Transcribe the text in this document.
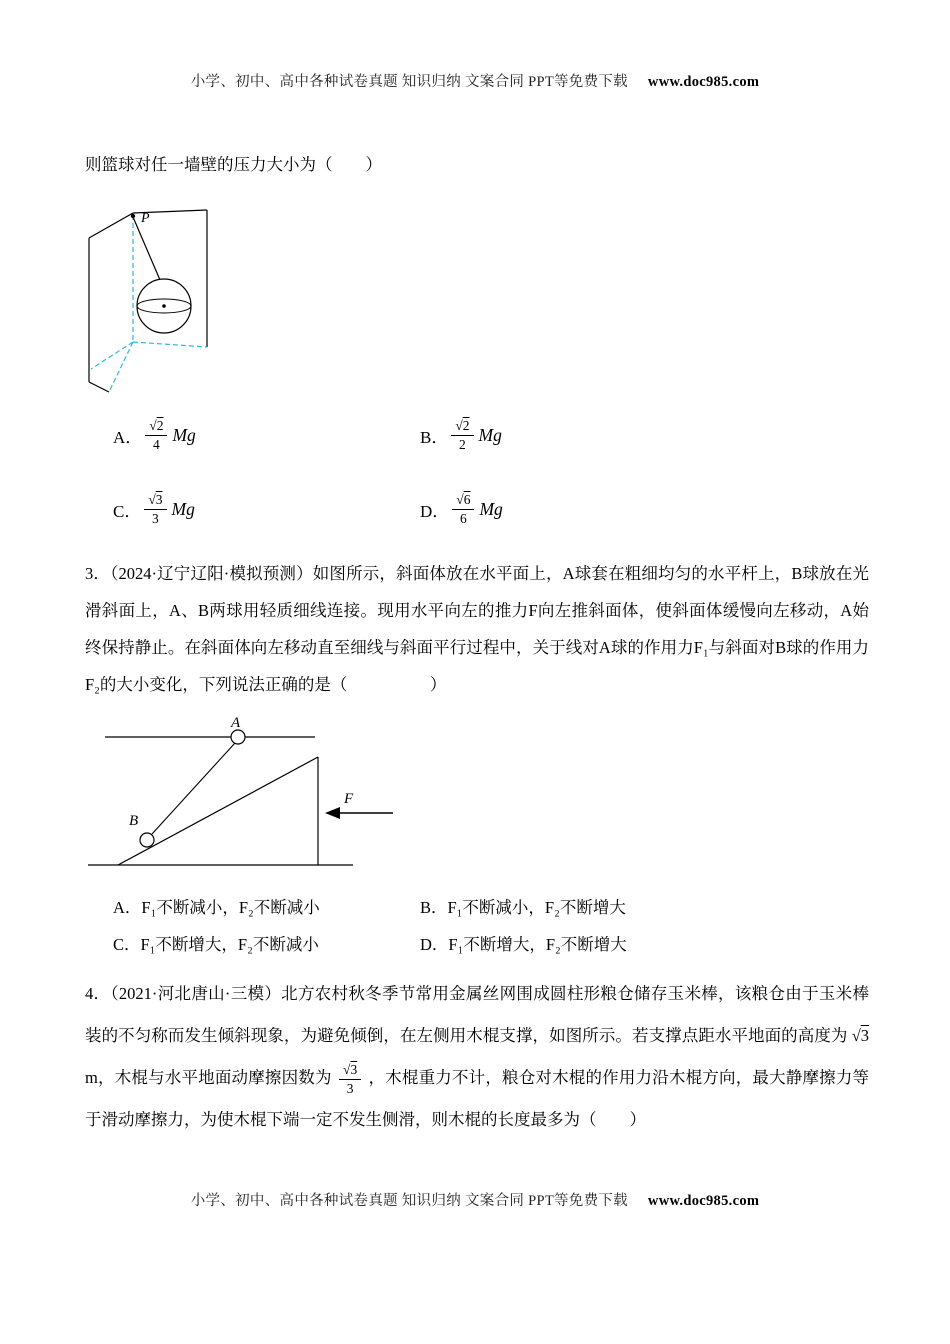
小学、初中、高中各种试卷真题 知识归纳 文案合同 PPT等免费下载 www.doc985.com

则篮球对任一墙壁的压力大小为（　　）

P
A． $\frac{√2}{4}$ Mg	B． $\frac{√2}{2}$ Mg
C． $\frac{√3}{3}$ Mg	D． $\frac{√6}{6}$ Mg

3．（2024·辽宁辽阳·模拟预测）如图所示，斜面体放在水平面上，A球套在粗细均匀的水平杆上，B球放在光滑斜面上，A、B两球用轻质细线连接。现用水平向左的推力F向左推斜面体，使斜面体缓慢向左移动，A始终保持静止。在斜面体向左移动直至细线与斜面平行过程中，关于线对A球的作用力F₁与斜面对B球的作用力F₂的大小变化，下列说法正确的是（　　　　　）

A
B
F
A．F₁不断减小，F₂不断减小	B．F₁不断减小，F₂不断增大
C．F₁不断增大，F₂不断减小	D．F₁不断增大，F₂不断增大

4．（2021·河北唐山·三模）北方农村秋冬季节常用金属丝网围成圆柱形粮仓储存玉米棒，该粮仓由于玉米棒装的不匀称而发生倾斜现象，为避免倾倒，在左侧用木棍支撑，如图所示。若支撑点距水平地面的高度为 √3 m，木棍与水平地面动摩擦因数为 $\frac{√3}{3}$ ，木棍重力不计，粮仓对木棍的作用力沿木棍方向，最大静摩擦力等于滑动摩擦力，为使木棍下端一定不发生侧滑，则木棍的长度最多为（　　）

小学、初中、高中各种试卷真题 知识归纳 文案合同 PPT等免费下载 www.doc985.com
